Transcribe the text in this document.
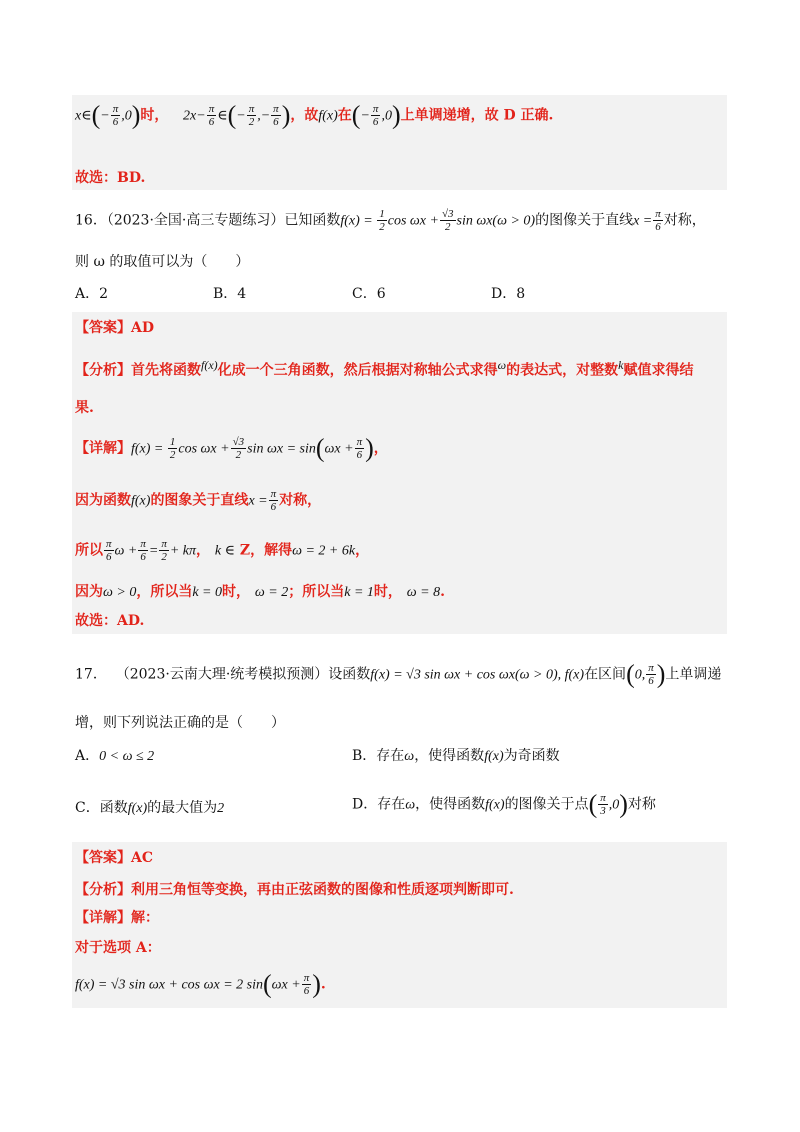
x∈(− $\frac{\pi}{6} ,0$)时， $2x- \frac{\pi}{6}$ ∈(− $\frac{\pi}{2}$ ,− $\frac{\pi}{6}$ )，故f(x)在(− $\frac{\pi}{6} ,0$)上单调递增，故 D 正确.
故选：BD.
16．（2023·全国·高三专题练习）已知函数$f(x) = \frac{1}{2}$ $\cos \omega x + \frac{√3}{2}$ sin ωx(ω > 0)的图像关于直线$x = \frac{\pi}{6}$ 对称，
则 ω 的取值可以为（　　）
A．2	B．4	C．6	D．8
【答案】AD
【分析】首先将函数f(x)化成一个三角函数，然后根据对称轴公式求得ω的表达式，对整数k赋值求得结
果.
【详解】$f(x) = \frac{1}{2}$ $\cos \omega x + \frac{√3}{2}$ $\sin \omega x = \sin(\omega x + \frac{\pi}{6}$ )，
因为函数f(x)的图象关于直线$x = \frac{\pi}{6}$ 对称，
所以 $\frac{\pi}{6}$ $\omega + \frac{\pi}{6} = \frac{\pi}{2} + k\pi$， k ∈ Z，解得ω = 2 + 6k，
因为ω > 0，所以当k = 0时， ω = 2；所以当k = 1时， ω = 8.
故选：AD.
17． （2023·云南大理·统考模拟预测）设函数f(x) = √3 sin ωx + cos ωx(ω > 0), f(x)在区间(0, $\frac{\pi}{6}$ )上单调递
增，则下列说法正确的是（　　）
A．0 < ω ≤ 2	B．存在ω，使得函数f(x)为奇函数
C．函数f(x)的最大值为2	D．存在ω，使得函数f(x)的图像关于点( $\frac{\pi}{3} ,0$)对称
【答案】AC
【分析】利用三角恒等变换，再由正弦函数的图像和性质逐项判断即可.
【详解】解：
对于选项 A：
f(x) = √3 sin ωx + cos ωx = 2 $\sin(\omega x + \frac{\pi}{6}$ ).
